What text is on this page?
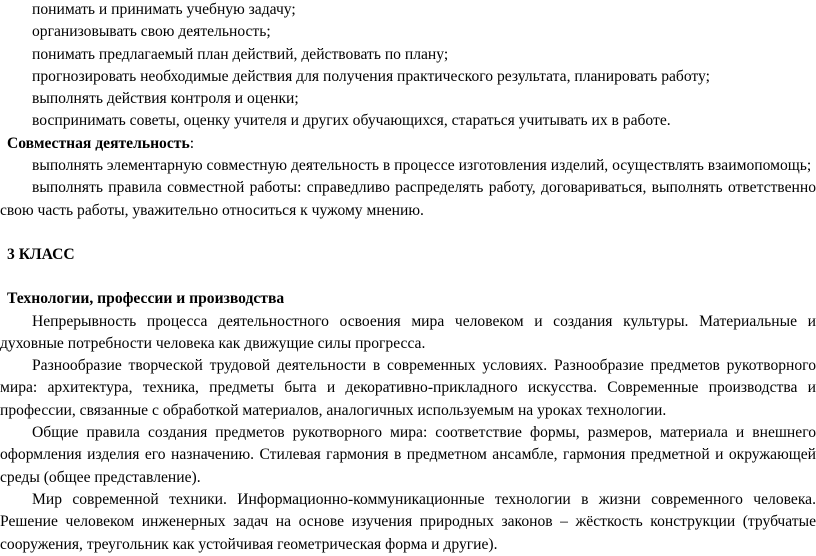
понимать и принимать учебную задачу;

организовывать свою деятельность;

понимать предлагаемый план действий, действовать по плану;

прогнозировать необходимые действия для получения практического результата, планировать работу;

выполнять действия контроля и оценки;

воспринимать советы, оценку учителя и других обучающихся, стараться учитывать их в работе.

Совместная деятельность:

выполнять элементарную совместную деятельность в процессе изготовления изделий, осуществлять взаимопомощь;

выполнять правила совместной работы: справедливо распределять работу, договариваться, выполнять ответственно свою часть работы, уважительно относиться к чужому мнению.

3 КЛАСС

Технологии, профессии и производства

Непрерывность процесса деятельностного освоения мира человеком и создания культуры. Материальные и духовные потребности человека как движущие силы прогресса.

Разнообразие творческой трудовой деятельности в современных условиях. Разнообразие предметов рукотворного мира: архитектура, техника, предметы быта и декоративно-прикладного искусства. Современные производства и профессии, связанные с обработкой материалов, аналогичных используемым на уроках технологии.

Общие правила создания предметов рукотворного мира: соответствие формы, размеров, материала и внешнего оформления изделия его назначению. Стилевая гармония в предметном ансамбле, гармония предметной и окружающей среды (общее представление).

Мир современной техники. Информационно-коммуникационные технологии в жизни современного человека. Решение человеком инженерных задач на основе изучения природных законов – жёсткость конструкции (трубчатые сооружения, треугольник как устойчивая геометрическая форма и другие).
